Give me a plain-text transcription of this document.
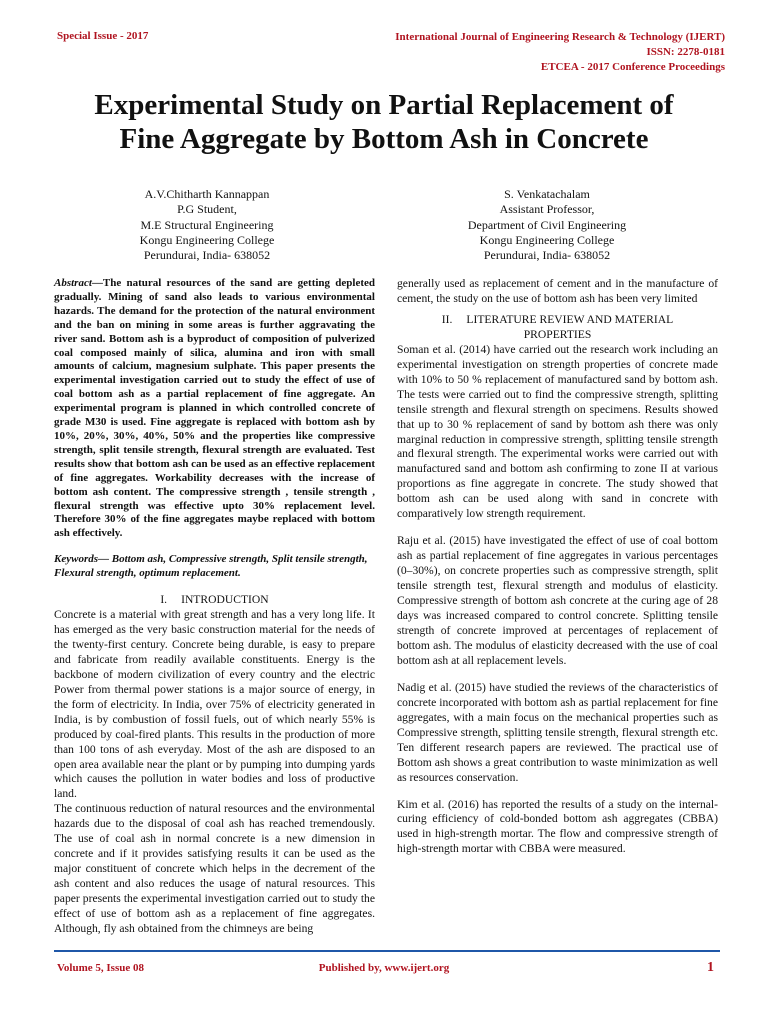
Special Issue - 2017	International Journal of Engineering Research & Technology (IJERT)
ISSN: 2278-0181
ETCEA - 2017 Conference Proceedings
Experimental Study on Partial Replacement of
Fine Aggregate by Bottom Ash in Concrete
A.V.Chitharth Kannappan
P.G Student,
M.E Structural Engineering
Kongu Engineering College
Perundurai, India- 638052
S. Venkatachalam
Assistant Professor,
Department of Civil Engineering
Kongu Engineering College
Perundurai, India- 638052

Abstract—The natural resources of the sand are getting depleted gradually. Mining of sand also leads to various environmental hazards. The demand for the protection of the natural environment and the ban on mining in some areas is further aggravating the river sand. Bottom ash is a byproduct of composition of pulverized coal composed mainly of silica, alumina and iron with small amounts of calcium, magnesium sulphate. This paper presents the experimental investigation carried out to study the effect of use of coal bottom ash as a partial replacement of fine aggregate. An experimental program is planned in which controlled concrete of grade M30 is used. Fine aggregate is replaced with bottom ash by 10%, 20%, 30%, 40%, 50% and the properties like compressive strength, split tensile strength, flexural strength are evaluated. Test results show that bottom ash can be used as an effective replacement of fine aggregates. Workability decreases with the increase of bottom ash content. The compressive strength , tensile strength , flexural strength was effective upto 30% replacement level. Therefore 30% of the fine aggregates maybe replaced with bottom ash effectively.

Keywords— Bottom ash, Compressive strength, Split tensile strength, Flexural strength, optimum replacement.

I. INTRODUCTION

Concrete is a material with great strength and has a very long life. It has emerged as the very basic construction material for the needs of the twenty-first century. Concrete being durable, is easy to prepare and fabricate from readily available constituents. Energy is the backbone of modern civilization of every country and the electric Power from thermal power stations is a major source of energy, in the form of electricity. In India, over 75% of electricity generated in India, is by combustion of fossil fuels, out of which nearly 55% is produced by coal-fired plants. This results in the production of more than 100 tons of ash everyday. Most of the ash are disposed to an open area available near the plant or by pumping into dumping yards which causes the pollution in water bodies and loss of productive land.

The continuous reduction of natural resources and the environmental hazards due to the disposal of coal ash has reached tremendously. The use of coal ash in normal concrete is a new dimension in concrete and if it provides satisfying results it can be used as the major constituent of concrete which helps in the decrement of the ash content and also reduces the usage of natural resources. This paper presents the experimental investigation carried out to study the effect of use of bottom ash as a replacement of fine aggregates. Although, fly ash obtained from the chimneys are being

generally used as replacement of cement and in the manufacture of cement, the study on the use of bottom ash has been very limited

II. LITERATURE REVIEW AND MATERIAL
PROPERTIES

Soman et al. (2014) have carried out the research work including an experimental investigation on strength properties of concrete made with 10% to 50 % replacement of manufactured sand by bottom ash. The tests were carried out to find the compressive strength, splitting tensile strength and flexural strength on specimens. Results showed that up to 30 % replacement of sand by bottom ash there was only marginal reduction in compressive strength, splitting tensile strength and flexural strength. The experimental works were carried out with manufactured sand and bottom ash confirming to zone II at various proportions as fine aggregate in concrete. The study showed that bottom ash can be used along with sand in concrete with comparatively low strength requirement.

Raju et al. (2015) have investigated the effect of use of coal bottom ash as partial replacement of fine aggregates in various percentages (0–30%), on concrete properties such as compressive strength, split tensile strength test, flexural strength and modulus of elasticity. Compressive strength of bottom ash concrete at the curing age of 28 days was increased compared to control concrete. Splitting tensile strength of concrete improved at percentages of replacement of bottom ash. The modulus of elasticity decreased with the use of coal bottom ash at all replacement levels.

Nadig et al. (2015) have studied the reviews of the characteristics of concrete incorporated with bottom ash as partial replacement for fine aggregates, with a main focus on the mechanical properties such as Compressive strength, splitting tensile strength, flexural strength etc. Ten different research papers are reviewed. The practical use of Bottom ash shows a great contribution to waste minimization as well as resources conservation.

Kim et al. (2016) has reported the results of a study on the internal-curing efficiency of cold-bonded bottom ash aggregates (CBBA) used in high-strength mortar. The flow and compressive strength of high-strength mortar with CBBA were measured.

Volume 5, Issue 08	Published by, www.ijert.org	1
